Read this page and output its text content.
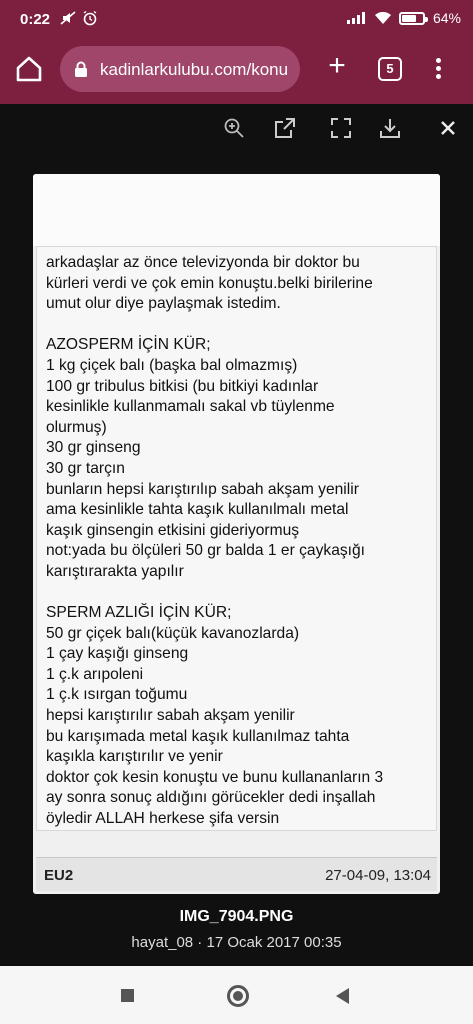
0:22	64%
kadinlarkulubu.com/konu +	5
arkadaşlar az önce televizyonda bir doktor bu
kürleri verdi ve çok emin konuştu.belki birilerine
umut olur diye paylaşmak istedim.

AZOSPERM İÇİN KÜR;
1 kg çiçek balı (başka bal olmazmış)
100 gr tribulus bitkisi (bu bitkiyi kadınlar
kesinlikle kullanmamalı sakal vb tüylenme
olurmuş)
30 gr ginseng
30 gr tarçın
bunların hepsi karıştırılıp sabah akşam yenilir
ama kesinlikle tahta kaşık kullanılmalı metal
kaşık ginsengin etkisini gideriyormuş
not:yada bu ölçüleri 50 gr balda 1 er çaykaşığı
karıştırarakta yapılır

SPERM AZLIĞI İÇİN KÜR;
50 gr çiçek balı(küçük kavanozlarda)
1 çay kaşığı ginseng
1 ç.k arıpoleni
1 ç.k ısırgan toğumu
hepsi karıştırılır sabah akşam yenilir
bu karışımada metal kaşık kullanılmaz tahta
kaşıkla karıştırılır ve yenir
doktor çok kesin konuştu ve bunu kullananların 3
ay sonra sonuç aldığını görücekler dedi inşallah
öyledir ALLAH herkese şifa versin
EU2	27-04-09, 13:04
IMG_7904.PNG
hayat_08 · 17 Ocak 2017 00:35
